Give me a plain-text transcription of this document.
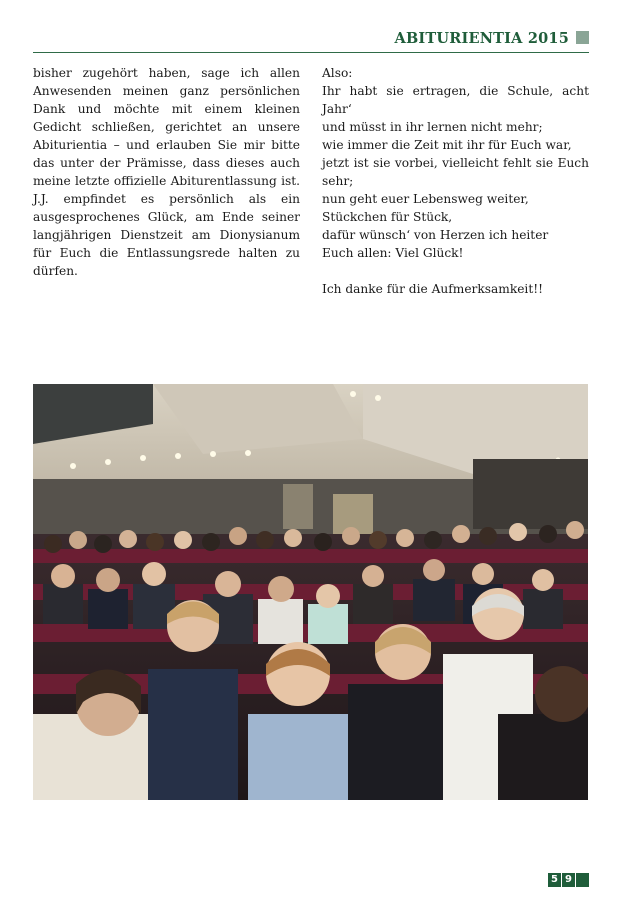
ABITURIENTIA 2015

bisher zugehört haben, sage ich allen Anwesenden meinen ganz persönlichen Dank und möchte mit einem kleinen Gedicht schließen, gerichtet an unsere Abiturientia – und erlauben Sie mir bitte das unter der Prämisse, dass dieses auch meine letzte offizielle Abiturentlassung ist. J.J. empfindet es persönlich als ein ausgesprochenes Glück, am Ende seiner langjährigen Dienstzeit am Dionysianum für Euch die Entlassungsrede halten zu dürfen.

Also:
Ihr habt sie ertragen, die Schule, acht Jahr‘
und müsst in ihr lernen nicht mehr;
wie immer die Zeit mit ihr für Euch war,
jetzt ist sie vorbei, vielleicht fehlt sie Euch sehr;
nun geht euer Lebensweg weiter,
Stückchen für Stück,
dafür wünsch‘ von Herzen ich heiter
Euch allen: Viel Glück!
Ich danke für die Aufmerksamkeit!!
5 9
